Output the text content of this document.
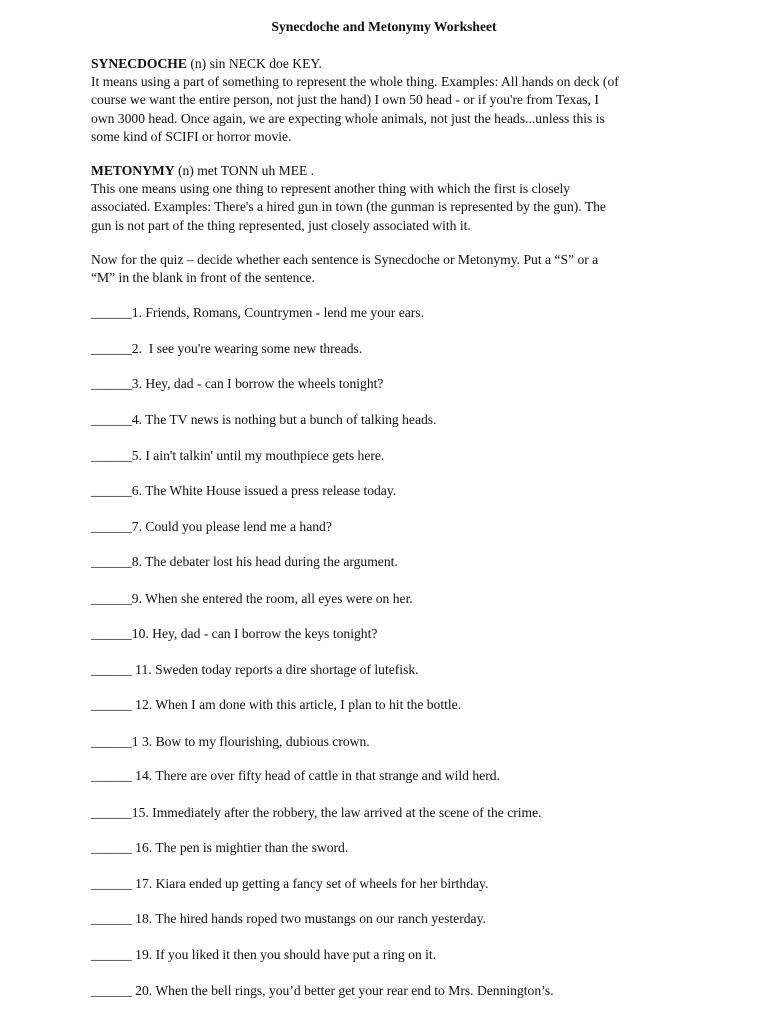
Synecdoche and Metonymy Worksheet
SYNECDOCHE (n) sin NECK doe KEY.
It means using a part of something to represent the whole thing. Examples: All hands on deck (of
course we want the entire person, not just the hand) I own 50 head - or if you're from Texas, I
own 3000 head. Once again, we are expecting whole animals, not just the heads...unless this is
some kind of SCIFI or horror movie.
METONYMY (n) met TONN uh MEE .
This one means using one thing to represent another thing with which the first is closely
associated. Examples: There's a hired gun in town (the gunman is represented by the gun). The
gun is not part of the thing represented, just closely associated with it.
Now for the quiz – decide whether each sentence is Synecdoche or Metonymy. Put a “S” or a
“M” in the blank in front of the sentence.
______1. Friends, Romans, Countrymen - lend me your ears.
______2.  I see you're wearing some new threads.
______3. Hey, dad - can I borrow the wheels tonight?
______4. The TV news is nothing but a bunch of talking heads.
______5. I ain't talkin' until my mouthpiece gets here.
______6. The White House issued a press release today.
______7. Could you please lend me a hand?
______8. The debater lost his head during the argument.
______9. When she entered the room, all eyes were on her.
______10. Hey, dad - can I borrow the keys tonight?
______ 11. Sweden today reports a dire shortage of lutefisk.
______ 12. When I am done with this article, I plan to hit the bottle.
______1 3. Bow to my flourishing, dubious crown.
______ 14. There are over fifty head of cattle in that strange and wild herd.
______15. Immediately after the robbery, the law arrived at the scene of the crime.
______ 16. The pen is mightier than the sword.
______ 17. Kiara ended up getting a fancy set of wheels for her birthday.
______ 18. The hired hands roped two mustangs on our ranch yesterday.
______ 19. If you liked it then you should have put a ring on it.
______ 20. When the bell rings, you’d better get your rear end to Mrs. Dennington’s.
